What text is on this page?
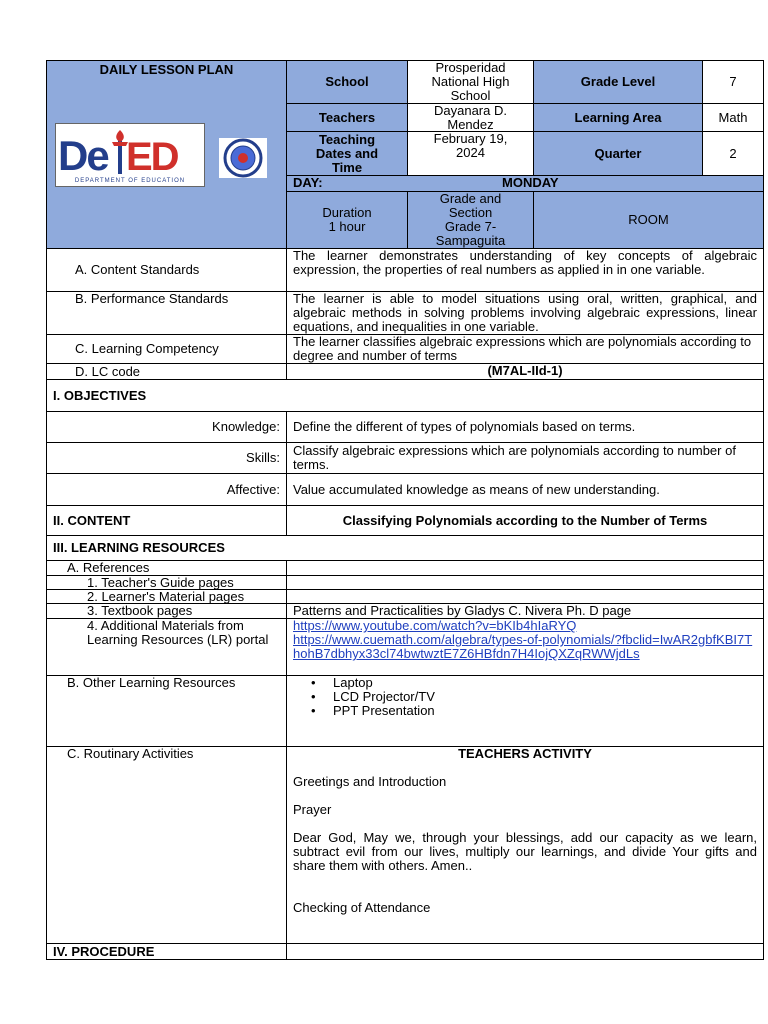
DAILY LESSON PLAN
De ED
DEPARTMENT OF EDUCATION
School
Prosperidad National High School
Grade Level	7
Teachers	Dayanara D. Mendez	Learning Area	Math
Teaching Dates and Time
February 19, 2024	Quarter	2
DAY:	MONDAY
Duration
1 hour
Grade and Section
Grade 7- Sampaguita
ROOM
A. Content Standards
The learner demonstrates understanding of key concepts of algebraic expression, the properties of real numbers as applied in in one variable.
B. Performance Standards	The learner is able to model situations using oral, written, graphical, and algebraic methods in solving problems involving algebraic expressions, linear equations, and inequalities in one variable.
C. Learning Competency	The learner classifies algebraic expressions which are polynomials according to degree and number of terms
D. LC code	(M7AL-IId-1)
I. OBJECTIVES
Knowledge:	Define the different of types of polynomials based on terms.
Skills:	Classify algebraic expressions which are polynomials according to number of terms.
Affective:	Value accumulated knowledge as means of new understanding.
II. CONTENT	Classifying Polynomials according to the Number of Terms
III. LEARNING RESOURCES
A. References
1. Teacher's Guide pages
2. Learner's Material pages
3. Textbook pages	Patterns and Practicalities by Gladys C. Nivera Ph. D page
4. Additional Materials from Learning Resources (LR) portal
https://www.youtube.com/watch?v=bKIb4hIaRYQ
https://www.cuemath.com/algebra/types-of-polynomials/?fbclid=IwAR2gbfKBI7ThohB7dbhyx33cl74bwtwztE7Z6HBfdn7H4IojQXZqRWWjdLs
B. Other Learning Resources
•	Laptop
• LCD Projector/TV
• PPT Presentation
C. Routinary Activities	TEACHERS ACTIVITY
Greetings and Introduction
Prayer
Dear God, May we, through your blessings, add our capacity as we learn, subtract evil from our lives, multiply our learnings, and divide Your gifts and share them with others. Amen..
Checking of Attendance
IV. PROCEDURE
